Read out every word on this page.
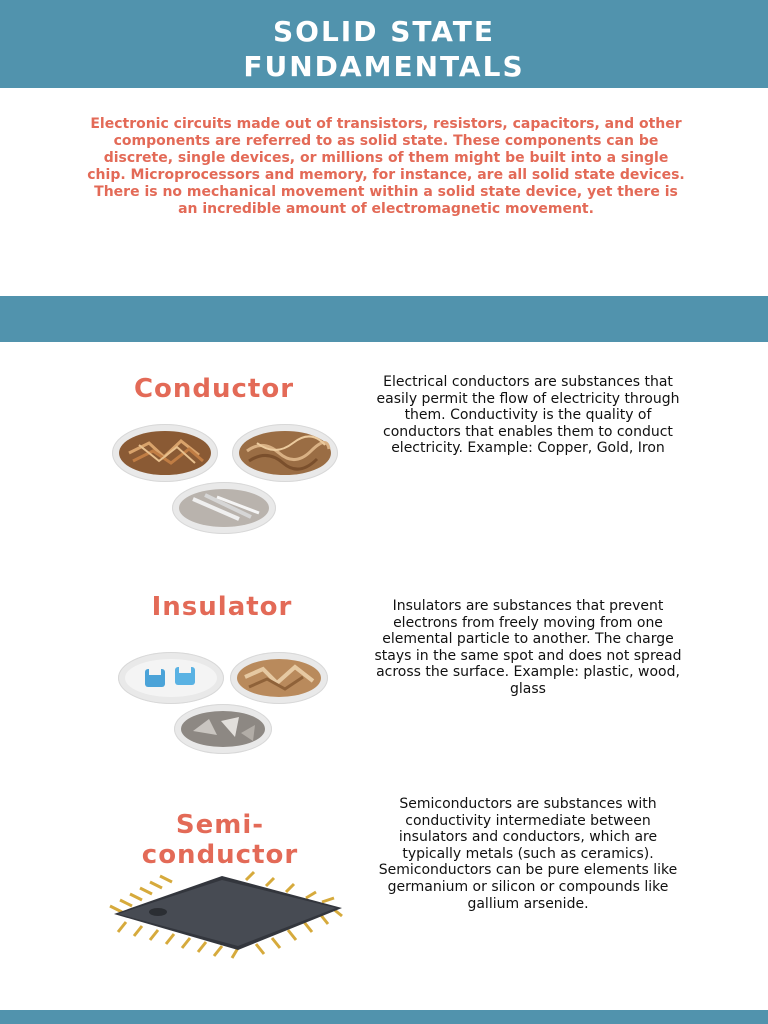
SOLID STATE
FUNDAMENTALS
Electronic circuits made out of transistors, resistors, capacitors, and other components are referred to as solid state. These components can be discrete, single devices, or millions of them might be built into a single chip. Microprocessors and memory, for instance, are all solid state devices. There is no mechanical movement within a solid state device, yet there is an incredible amount of electromagnetic movement.
Conductor	Electrical conductors are substances that easily permit the flow of electricity through them. Conductivity is the quality of conductors that enables them to conduct electricity. Example: Copper, Gold, Iron
Insulator	Insulators are substances that prevent electrons from freely moving from one elemental particle to another. The charge stays in the same spot and does not spread across the surface. Example: plastic, wood, glass
Semi-
conductor
Semiconductors are substances with conductivity intermediate between insulators and conductors, which are typically metals (such as ceramics). Semiconductors can be pure elements like germanium or silicon or compounds like gallium arsenide.
